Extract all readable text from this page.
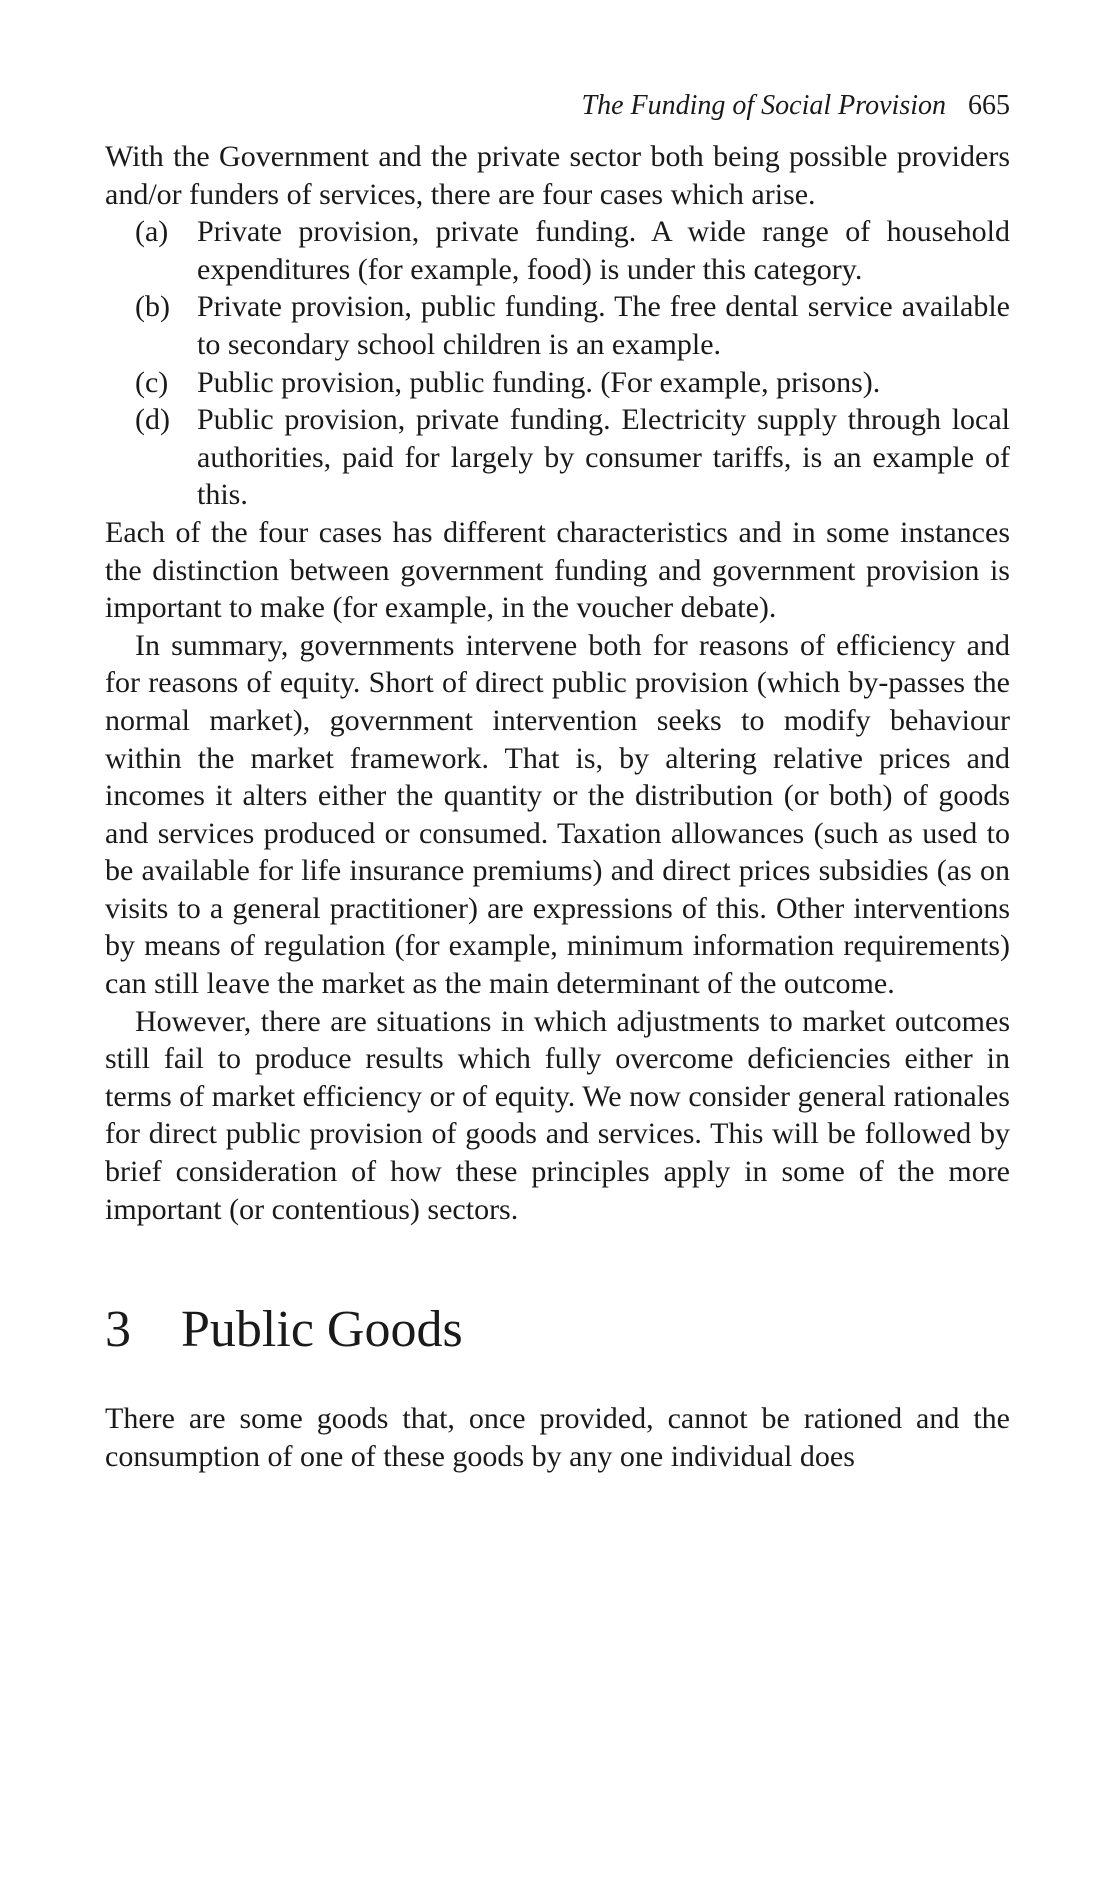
The Funding of Social Provision 665

With the Government and the private sector both being possible providers and/or funders of services, there are four cases which arise.

(a) Private provision, private funding. A wide range of household expenditures (for example, food) is under this category.
(b) Private provision, public funding. The free dental service available to secondary school children is an example.
(c) Public provision, public funding. (For example, prisons).
(d) Public provision, private funding. Electricity supply through local authorities, paid for largely by consumer tariffs, is an example of this.

Each of the four cases has different characteristics and in some instances the distinction between government funding and government provision is important to make (for example, in the voucher debate).

In summary, governments intervene both for reasons of efficiency and for reasons of equity. Short of direct public provision (which by-passes the normal market), government intervention seeks to modify behaviour within the market framework. That is, by altering relative prices and incomes it alters either the quantity or the distribution (or both) of goods and services produced or consumed. Taxation allowances (such as used to be available for life insurance premiums) and direct prices subsidies (as on visits to a general practitioner) are expressions of this. Other interventions by means of regulation (for example, minimum information requirements) can still leave the market as the main determinant of the outcome.

However, there are situations in which adjustments to market outcomes still fail to produce results which fully overcome deficiencies either in terms of market efficiency or of equity. We now consider general rationales for direct public provision of goods and services. This will be followed by brief consideration of how these principles apply in some of the more important (or contentious) sectors.

3 Public Goods

There are some goods that, once provided, cannot be rationed and the consumption of one of these goods by any one individual does
